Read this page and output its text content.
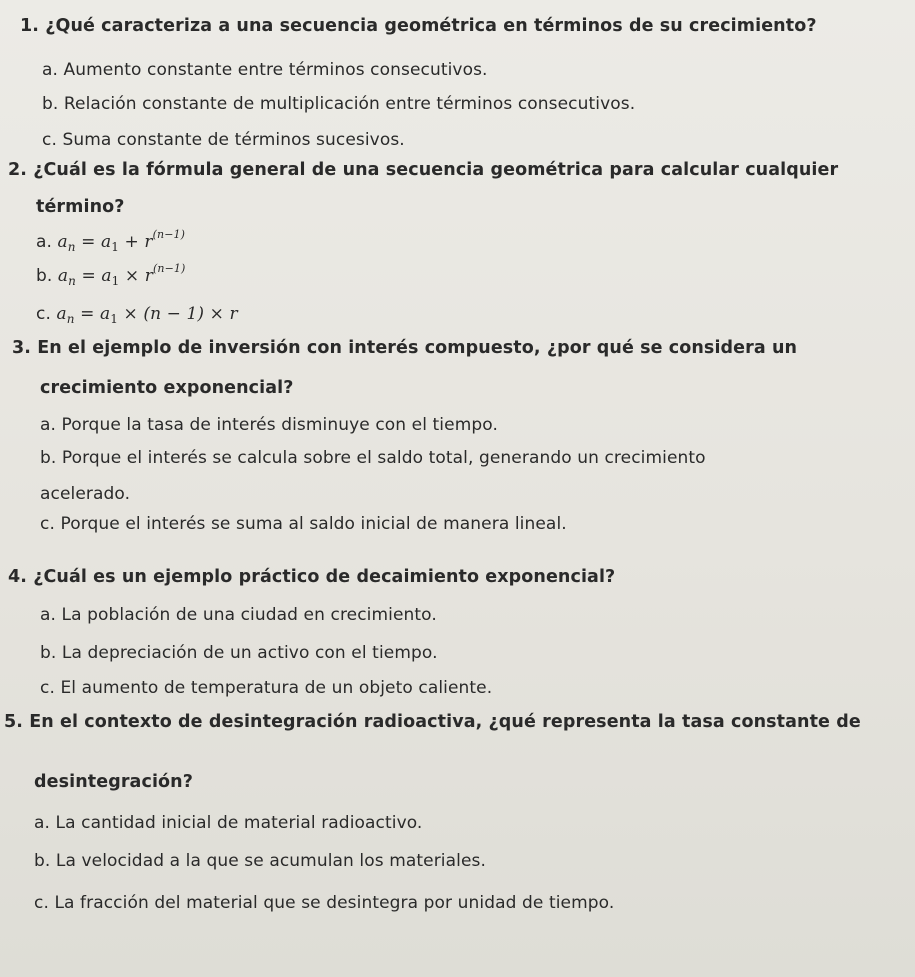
1. ¿Qué caracteriza a una secuencia geométrica en términos de su crecimiento?
a. Aumento constante entre términos consecutivos.
b. Relación constante de multiplicación entre términos consecutivos.
c. Suma constante de términos sucesivos.
2. ¿Cuál es la fórmula general de una secuencia geométrica para calcular cualquier
término?
a. $a_n = a_1 + r^{(n-1)}$
b. $a_n = a_1 \times r^{(n-1)}$
c. $a_n = a_1 \times (n - 1) \times r$
3. En el ejemplo de inversión con interés compuesto, ¿por qué se considera un
crecimiento exponencial?
a. Porque la tasa de interés disminuye con el tiempo.
b. Porque el interés se calcula sobre el saldo total, generando un crecimiento
acelerado.
c. Porque el interés se suma al saldo inicial de manera lineal.
4. ¿Cuál es un ejemplo práctico de decaimiento exponencial?
a. La población de una ciudad en crecimiento.
b. La depreciación de un activo con el tiempo.
c. El aumento de temperatura de un objeto caliente.
5. En el contexto de desintegración radioactiva, ¿qué representa la tasa constante de
desintegración?
a. La cantidad inicial de material radioactivo.
b. La velocidad a la que se acumulan los materiales.
c. La fracción del material que se desintegra por unidad de tiempo.
